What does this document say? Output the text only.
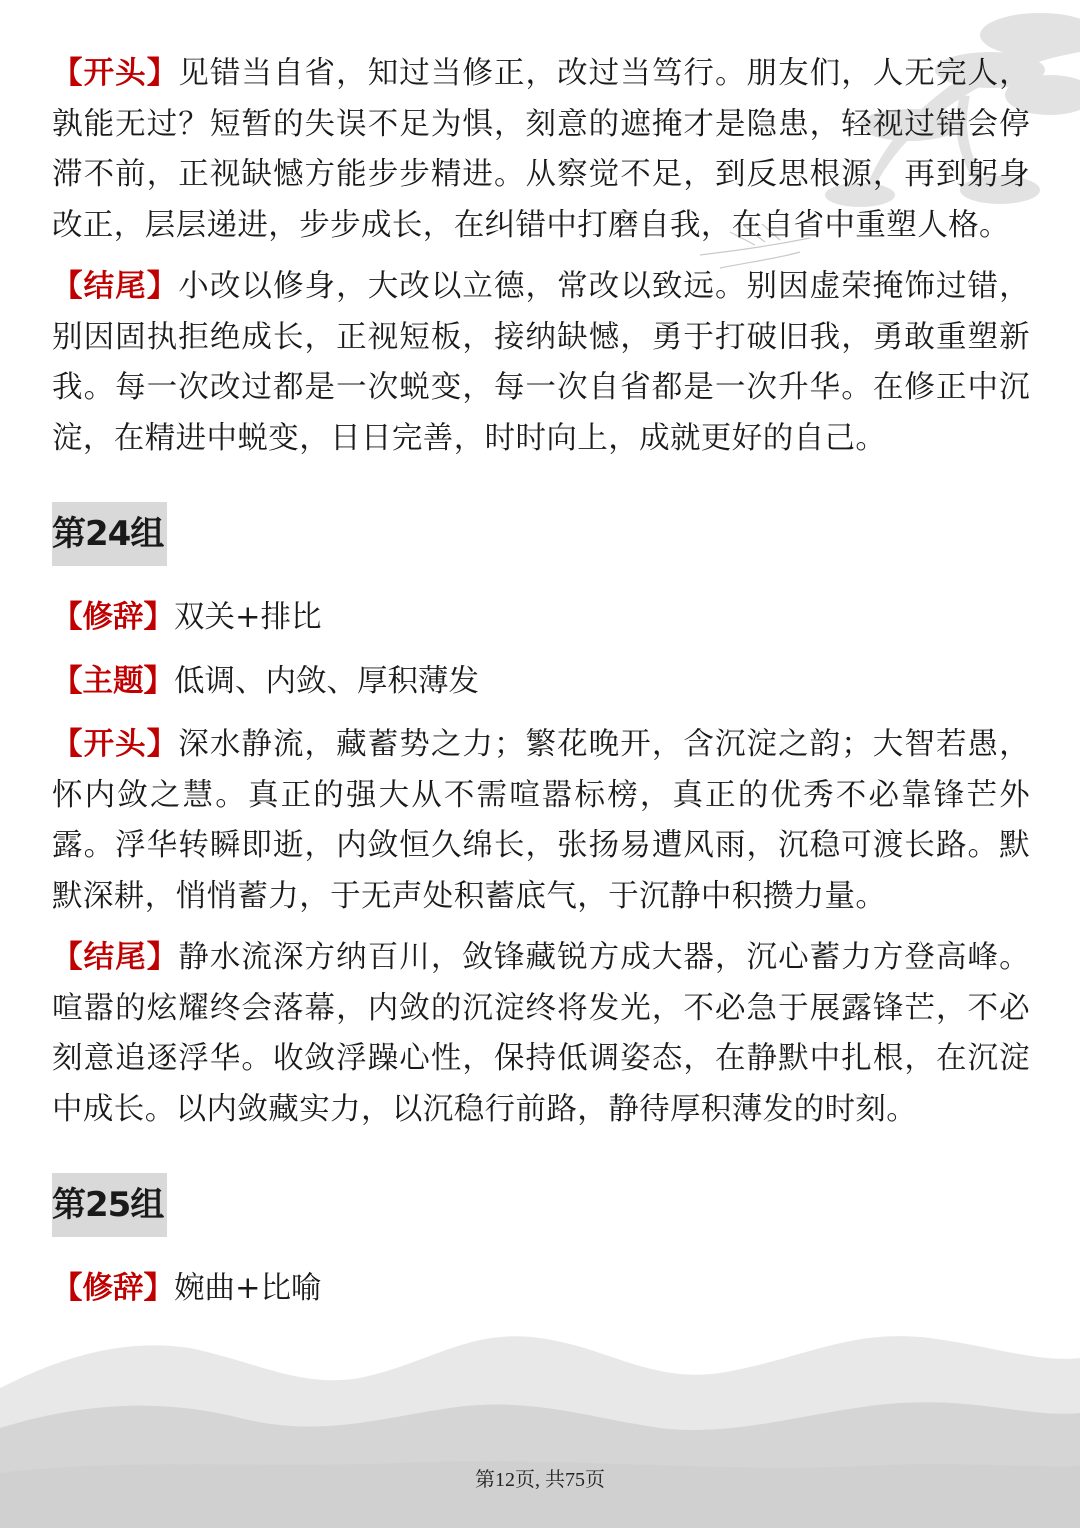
【开头】见错当自省，知过当修正，改过当笃行。朋友们，人无完人，孰能无过？短暂的失误不足为惧，刻意的遮掩才是隐患，轻视过错会停滞不前，正视缺憾方能步步精进。从察觉不足，到反思根源，再到躬身改正，层层递进，步步成长，在纠错中打磨自我，在自省中重塑人格。

【结尾】小改以修身，大改以立德，常改以致远。别因虚荣掩饰过错，别因固执拒绝成长，正视短板，接纳缺憾，勇于打破旧我，勇敢重塑新我。每一次改过都是一次蜕变，每一次自省都是一次升华。在修正中沉淀，在精进中蜕变，日日完善，时时向上，成就更好的自己。

第24组
【修辞】双关+排比
【主题】低调、内敛、厚积薄发

【开头】深水静流，藏蓄势之力；繁花晚开，含沉淀之韵；大智若愚，怀内敛之慧。真正的强大从不需喧嚣标榜，真正的优秀不必靠锋芒外露。浮华转瞬即逝，内敛恒久绵长，张扬易遭风雨，沉稳可渡长路。默默深耕，悄悄蓄力，于无声处积蓄底气，于沉静中积攒力量。

【结尾】静水流深方纳百川，敛锋藏锐方成大器，沉心蓄力方登高峰。喧嚣的炫耀终会落幕，内敛的沉淀终将发光，不必急于展露锋芒，不必刻意追逐浮华。收敛浮躁心性，保持低调姿态，在静默中扎根，在沉淀中成长。以内敛藏实力，以沉稳行前路，静待厚积薄发的时刻。

第25组
【修辞】婉曲+比喻
第12页, 共75页
